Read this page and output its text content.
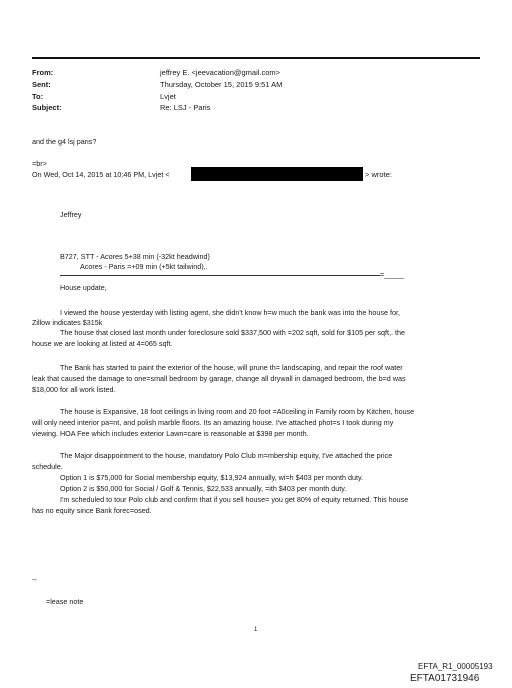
From:	jeffrey E. <jeevacation@gmail.com>
Sent:	Thursday, October 15, 2015 9:51 AM
To:	Lvjet
Subject:	Re: LSJ - Paris
and the g4 lsj paris?
=br>
On Wed, Oct 14, 2015 at 10:46 PM, Lvjet <	> wrote:
Jeffrey
B727, STT - Acores 5+38 min (-32kt headwind)
Acores - Paris =+09 min (+5kt tailwind),.
=_____
House update,
I viewed the house yesterday with listing agent, she didn't know h=w much the bank was into the house for,
Zillow indicates $315k
The house that closed last month under foreclosure sold $337,500 with =202 sqft, sold for $105 per sqft,. the
house we are looking at listed at 4=065 sqft.
The Bank has started to paint the exterior of the house, will prune th= landscaping, and repair the roof water
leak that caused the damage to one=small bedroom by garage, change all drywall in damaged bedroom, the b=d was
$18,000 for all work listed.
The house is Expansive, 18 foot ceilings in living room and 20 foot =A0ceiling in Family room by Kitchen, house
will only need interior pa=nt, and polish marble floors. Its an amazing house. I've attached phot=s I took during my
viewing. HOA Fee which includes exterior Lawn=care is reasonable at $398 per month.
The Major disappointment to the house, mandatory Polo Club m=mbership equity, I've attached the price
schedule.
Option 1 is $75,000 for Social membership equity, $13,924 annually, wi=h $403 per month duty.
Option 2 is $50,000 for Social / Golf & Tennis, $22,533 annually, =ith $403 per month duty.
I'm scheduled to tour Polo club and confirm that if you sell house= you get 80% of equity returned. This house
has no equity since Bank forec=osed.
--
=lease note
1
EFTA_R1_00005193
EFTA01731946
